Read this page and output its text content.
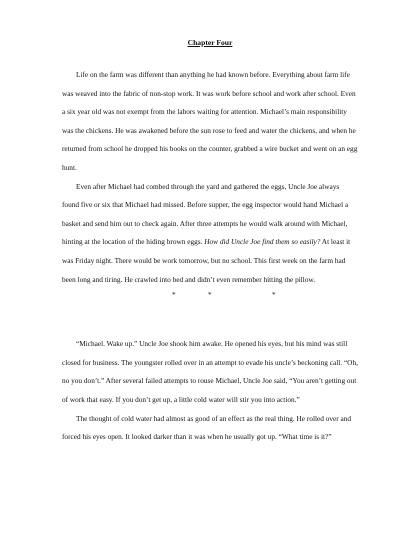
Chapter Four

Life on the farm was different than anything he had known before. Everything about farm life was weaved into the fabric of non-stop work. It was work before school and work after school. Even a six year old was not exempt from the labors waiting for attention. Michael’s main responsibility was the chickens. He was awakened before the sun rose to feed and water the chickens, and when he returned from school he dropped his books on the counter, grabbed a wire bucket and went on an egg hunt.

Even after Michael had combed through the yard and gathered the eggs, Uncle Joe always found five or six that Michael had missed. Before supper, the egg inspector would hand Michael a basket and send him out to check again. After three attempts he would walk around with Michael, hinting at the location of the hiding brown eggs. How did Uncle Joe find them so easily? At least it was Friday night. There would be work tomorrow, but no school. This first week on the farm had been long and tiring. He crawled into bed and didn’t even remember hitting the pillow.

*	*	*

“Michael. Wake up.” Uncle Joe shook him awake. He opened his eyes, but his mind was still closed for business. The youngster rolled over in an attempt to evade his uncle’s beckoning call. “Oh, no you don’t.” After several failed attempts to rouse Michael, Uncle Joe said, “You aren’t getting out of work that easy. If you don’t get up, a little cold water will stir you into action.”

The thought of cold water had almost as good of an effect as the real thing. He rolled over and forced his eyes open. It looked darker than it was when he usually got up. “What time is it?”
